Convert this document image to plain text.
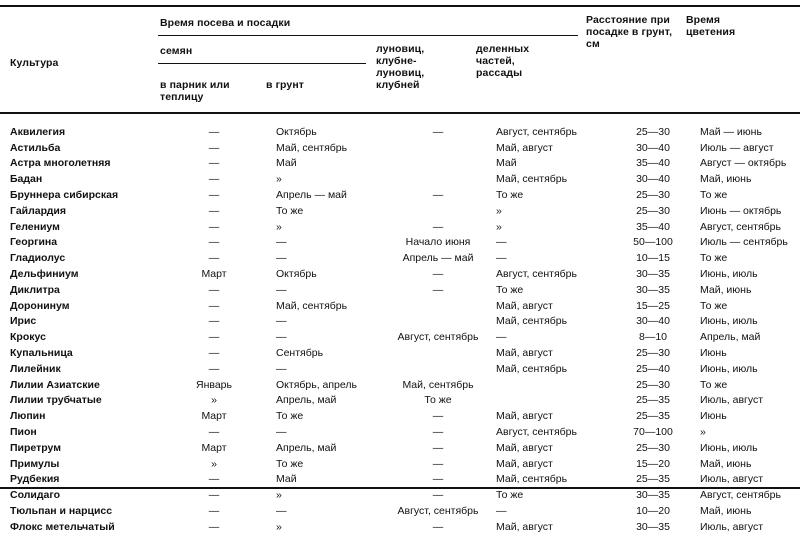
Культура
Время посева и посадки
семян
в парник или теплицу
в грунт
луновиц, клубне-луновиц, клубней
деленных частей, рассады
Расстояние при посадке в грунт, см
Время цветения
Аквилегия	—	Октябрь	—	Август, сентябрь	25—30	Май — июнь
Астильба	—	Май, сентябрь		Май, август	30—40	Июль — август
Астра многолетняя	—	Май		Май	35—40	Август — октябрь
Бадан	—	»		Май, сентябрь	30—40	Май, июнь
Бруннера сибирская	—	Апрель — май	—	То же	25—30	То же
Гайлардия	—	То же		»	25—30	Июнь — октябрь
Гелениум	—	»	—	»	35—40	Август, сентябрь
Георгина	—	—	Начало июня	—	50—100	Июль — сентябрь
Гладиолус	—	—	Апрель — май	—	10—15	То же
Дельфиниум	Март	Октябрь	—	Август, сентябрь	30—35	Июнь, июль
Диклитра	—	—	—	То же	30—35	Май, июнь
Доронинум	—	Май, сентябрь		Май, август	15—25	То же
Ирис	—	—		Май, сентябрь	30—40	Июнь, июль
Крокус	—	—	Август, сентябрь	—	8—10	Апрель, май
Купальница	—	Сентябрь		Май, август	25—30	Июнь
Лилейник	—	—		Май, сентябрь	25—40	Июнь, июль
Лилии Азиатские	Январь	Октябрь, апрель	Май, сентябрь		25—30	То же
Лилии трубчатые	»	Апрель, май	То же		25—35	Июль, август
Люпин	Март	То же	—	Май, август	25—35	Июнь
Пион	—	—	—	Август, сентябрь	70—100	»
Пиретрум	Март	Апрель, май	—	Май, август	25—30	Июнь, июль
Примулы	»	То же	—	Май, август	15—20	Май, июнь
Рудбекия	—	Май	—	Май, сентябрь	25—35	Июль, август
Солидаго	—	»	—	То же	30—35	Август, сентябрь
Тюльпан и нарцисс	—	—	Август, сентябрь	—	10—20	Май, июнь
Флокс метельчатый	—	»	—	Май, август	30—35	Июль, август
